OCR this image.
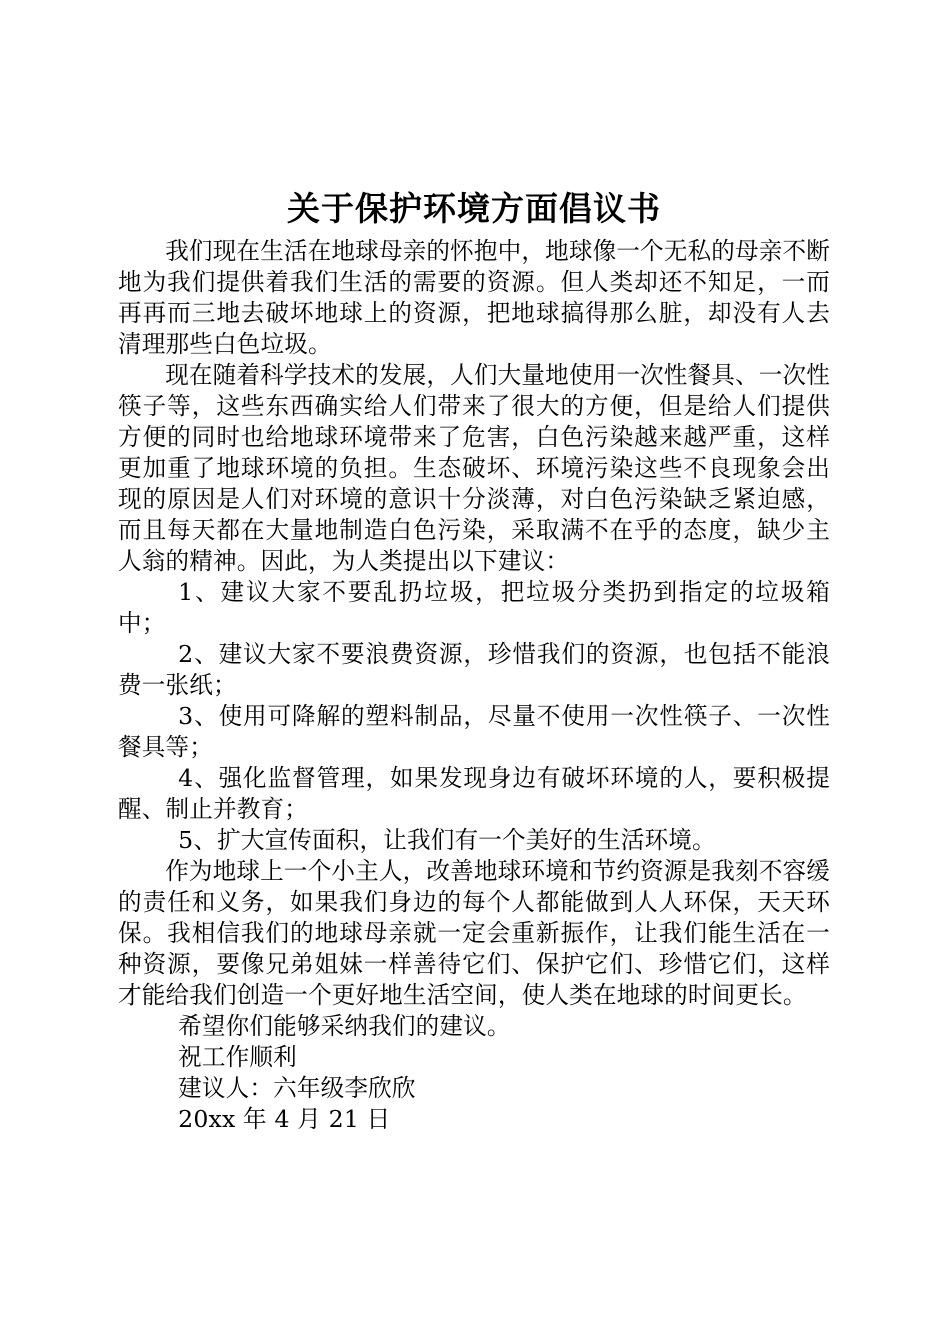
关于保护环境方面倡议书

我们现在生活在地球母亲的怀抱中，地球像一个无私的母亲不断地为我们提供着我们生活的需要的资源。但人类却还不知足，一而再再而三地去破坏地球上的资源，把地球搞得那么脏，却没有人去清理那些白色垃圾。

现在随着科学技术的发展，人们大量地使用一次性餐具、一次性筷子等，这些东西确实给人们带来了很大的方便，但是给人们提供方便的同时也给地球环境带来了危害，白色污染越来越严重，这样更加重了地球环境的负担。生态破坏、环境污染这些不良现象会出现的原因是人们对环境的意识十分淡薄，对白色污染缺乏紧迫感，而且每天都在大量地制造白色污染，采取满不在乎的态度，缺少主人翁的精神。因此，为人类提出以下建议：

1、建议大家不要乱扔垃圾，把垃圾分类扔到指定的垃圾箱中；

2、建议大家不要浪费资源，珍惜我们的资源，也包括不能浪费一张纸；

3、使用可降解的塑料制品，尽量不使用一次性筷子、一次性餐具等；

4、强化监督管理，如果发现身边有破坏环境的人，要积极提醒、制止并教育；

5、扩大宣传面积，让我们有一个美好的生活环境。

作为地球上一个小主人，改善地球环境和节约资源是我刻不容缓的责任和义务，如果我们身边的每个人都能做到人人环保，天天环保。我相信我们的地球母亲就一定会重新振作，让我们能生活在一种资源，要像兄弟姐妹一样善待它们、保护它们、珍惜它们，这样才能给我们创造一个更好地生活空间，使人类在地球的时间更长。

希望你们能够采纳我们的建议。

祝工作顺利

建议人：六年级李欣欣

20xx 年 4 月 21 日
